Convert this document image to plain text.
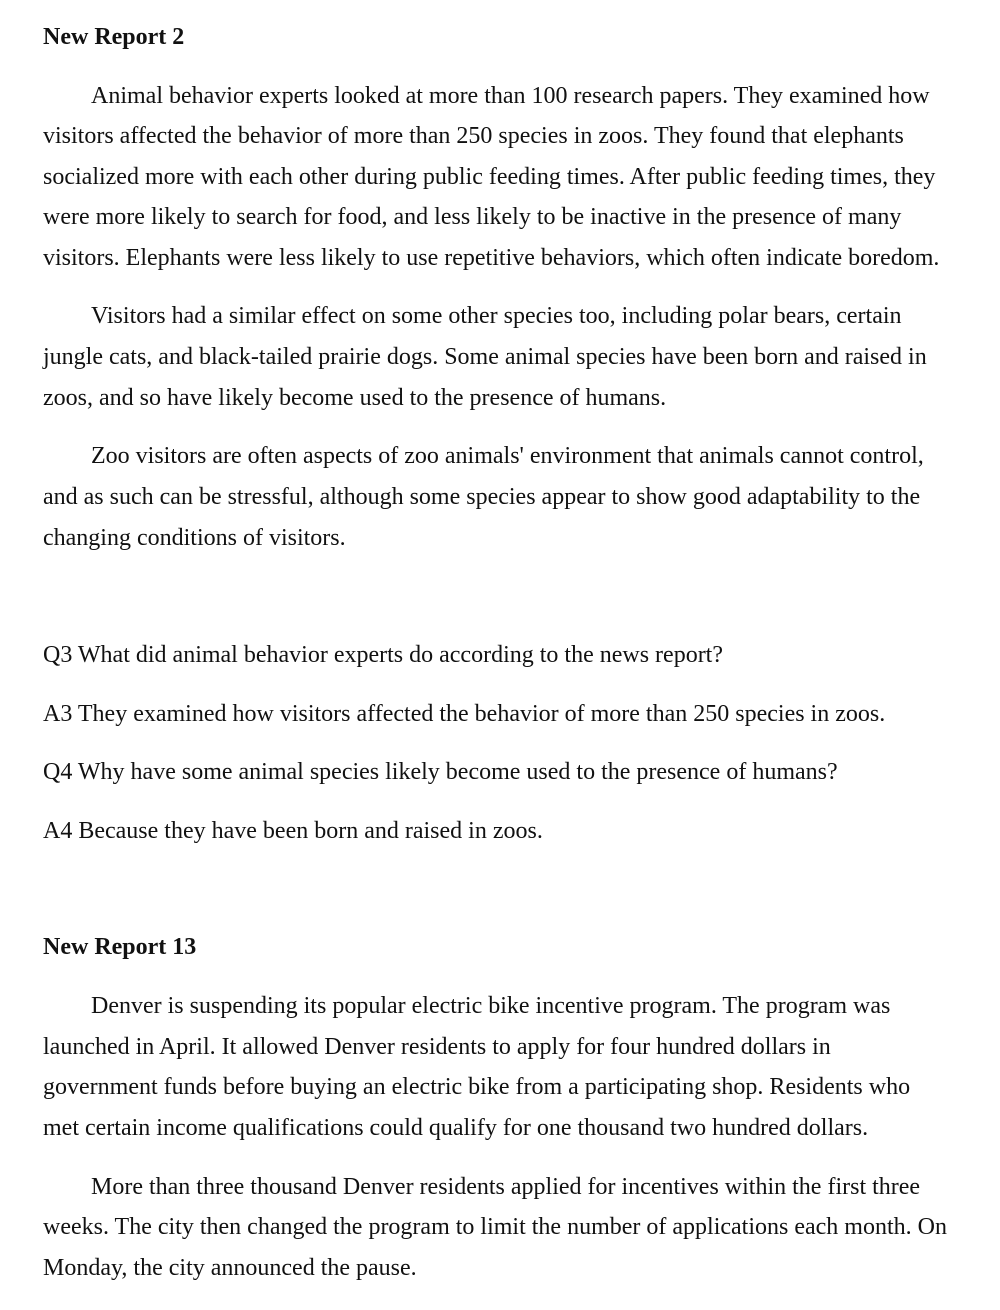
New Report 2
Animal behavior experts looked at more than 100 research papers. They examined how
visitors affected the behavior of more than 250 species in zoos. They found that elephants
socialized more with each other during public feeding times. After public feeding times, they
were more likely to search for food, and less likely to be inactive in the presence of many
visitors. Elephants were less likely to use repetitive behaviors, which often indicate boredom.
Visitors had a similar effect on some other species too, including polar bears, certain
jungle cats, and black-tailed prairie dogs. Some animal species have been born and raised in
zoos, and so have likely become used to the presence of humans.
Zoo visitors are often aspects of zoo animals' environment that animals cannot control,
and as such can be stressful, although some species appear to show good adaptability to the
changing conditions of visitors.
Q3 What did animal behavior experts do according to the news report?
A3 They examined how visitors affected the behavior of more than 250 species in zoos.
Q4 Why have some animal species likely become used to the presence of humans?
A4 Because they have been born and raised in zoos.
New Report 13
Denver is suspending its popular electric bike incentive program. The program was
launched in April. It allowed Denver residents to apply for four hundred dollars in
government funds before buying an electric bike from a participating shop. Residents who
met certain income qualifications could qualify for one thousand two hundred dollars.
More than three thousand Denver residents applied for incentives within the first three
weeks. The city then changed the program to limit the number of applications each month. On
Monday, the city announced the pause.
